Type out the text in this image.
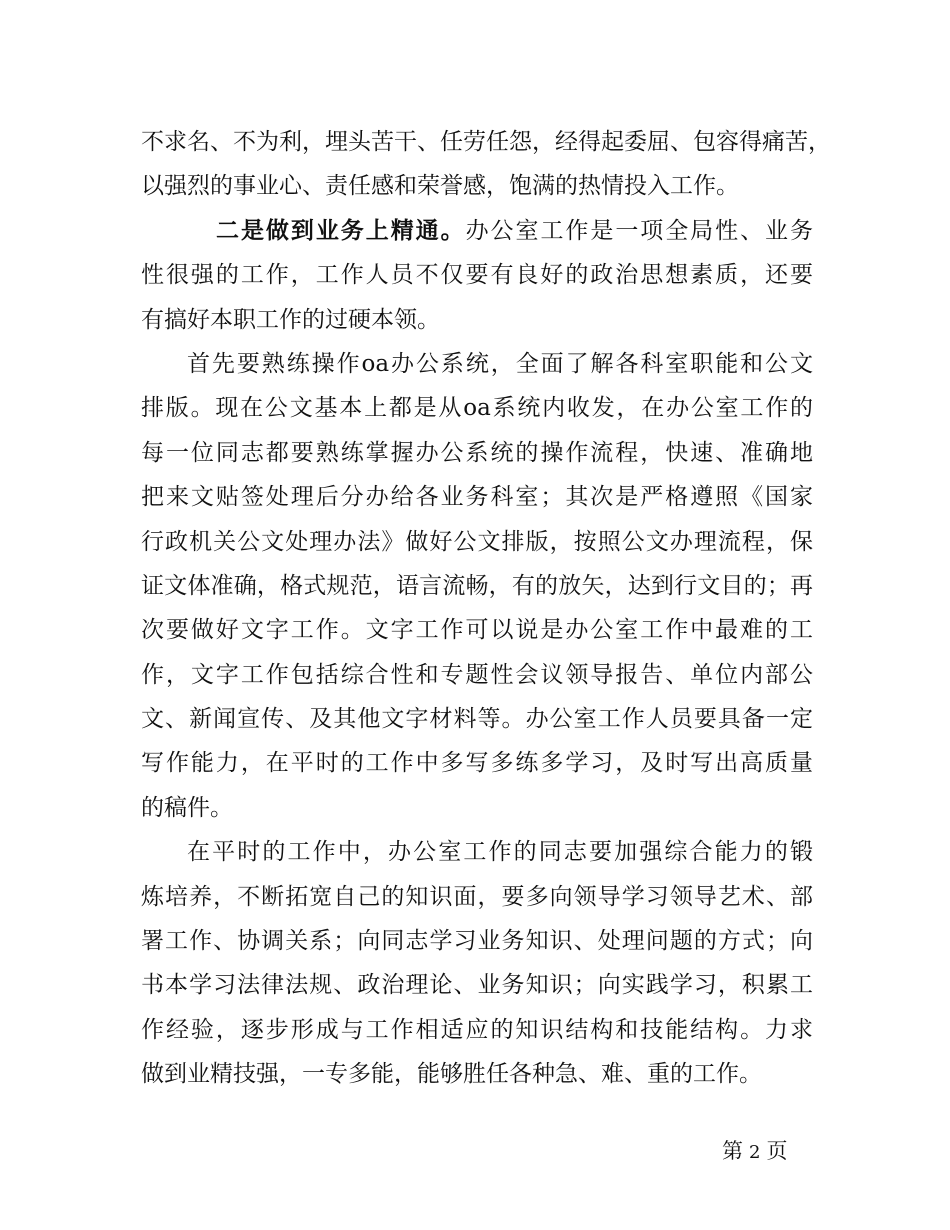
不求名、不为利，埋头苦干、任劳任怨，经得起委屈、包容得痛苦，
以强烈的事业心、责任感和荣誉感，饱满的热情投入工作。
二是做到业务上精通。办公室工作是一项全局性、业务
性很强的工作，工作人员不仅要有良好的政治思想素质，还要
有搞好本职工作的过硬本领。
首先要熟练操作oa办公系统，全面了解各科室职能和公文
排版。现在公文基本上都是从oa系统内收发，在办公室工作的
每一位同志都要熟练掌握办公系统的操作流程，快速、准确地
把来文贴签处理后分办给各业务科室；其次是严格遵照《国家
行政机关公文处理办法》做好公文排版，按照公文办理流程，保
证文体准确，格式规范，语言流畅，有的放矢，达到行文目的；再
次要做好文字工作。文字工作可以说是办公室工作中最难的工
作，文字工作包括综合性和专题性会议领导报告、单位内部公
文、新闻宣传、及其他文字材料等。办公室工作人员要具备一定
写作能力，在平时的工作中多写多练多学习，及时写出高质量
的稿件。
在平时的工作中，办公室工作的同志要加强综合能力的锻
炼培养，不断拓宽自己的知识面，要多向领导学习领导艺术、部
署工作、协调关系；向同志学习业务知识、处理问题的方式；向
书本学习法律法规、政治理论、业务知识；向实践学习，积累工
作经验，逐步形成与工作相适应的知识结构和技能结构。力求
做到业精技强，一专多能，能够胜任各种急、难、重的工作。
第 2 页
